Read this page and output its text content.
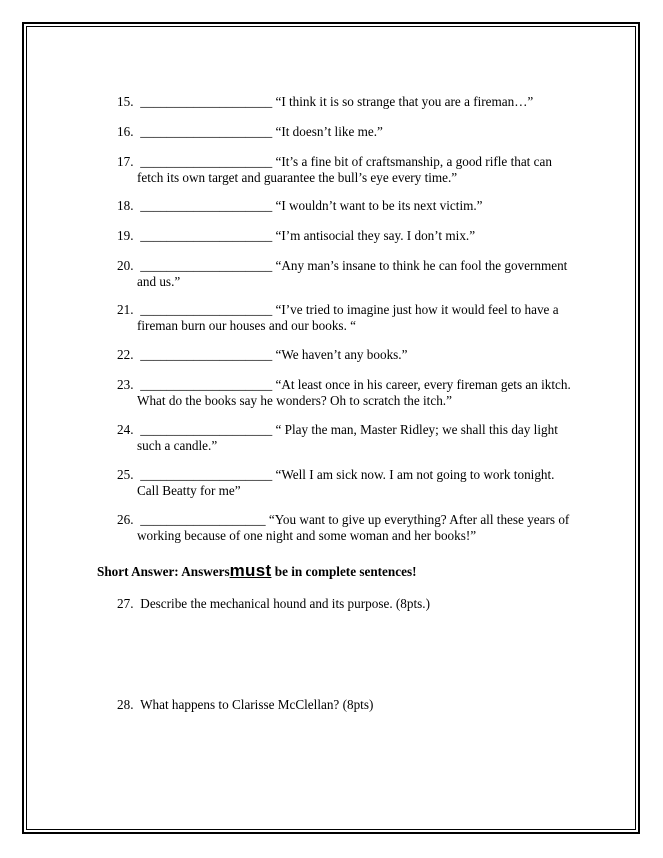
15. ____________________ “I think it is so strange that you are a fireman…”
16. ____________________ “It doesn’t like me.”
17. ____________________ “It’s a fine bit of craftsmanship, a good rifle that can
fetch its own target and guarantee the bull’s eye every time.”
18. ____________________ “I wouldn’t want to be its next victim.”
19. ____________________ “I’m antisocial they say. I don’t mix.”
20. ____________________ “Any man’s insane to think he can fool the government
and us.”
21. ____________________ “I’ve tried to imagine just how it would feel to have a
fireman burn our houses and our books. “
22. ____________________ “We haven’t any books.”
23. ____________________ “At least once in his career, every fireman gets an iktch.
What do the books say he wonders? Oh to scratch the itch.”
24. ____________________ “ Play the man, Master Ridley; we shall this day light
such a candle.”
25. ____________________ “Well I am sick now. I am not going to work tonight.
Call Beatty for me”
26. ___________________ “You want to give up everything? After all these years of
working because of one night and some woman and her books!”
Short Answer: Answersmust be in complete sentences!
27. Describe the mechanical hound and its purpose. (8pts.)
28. What happens to Clarisse McClellan? (8pts)
